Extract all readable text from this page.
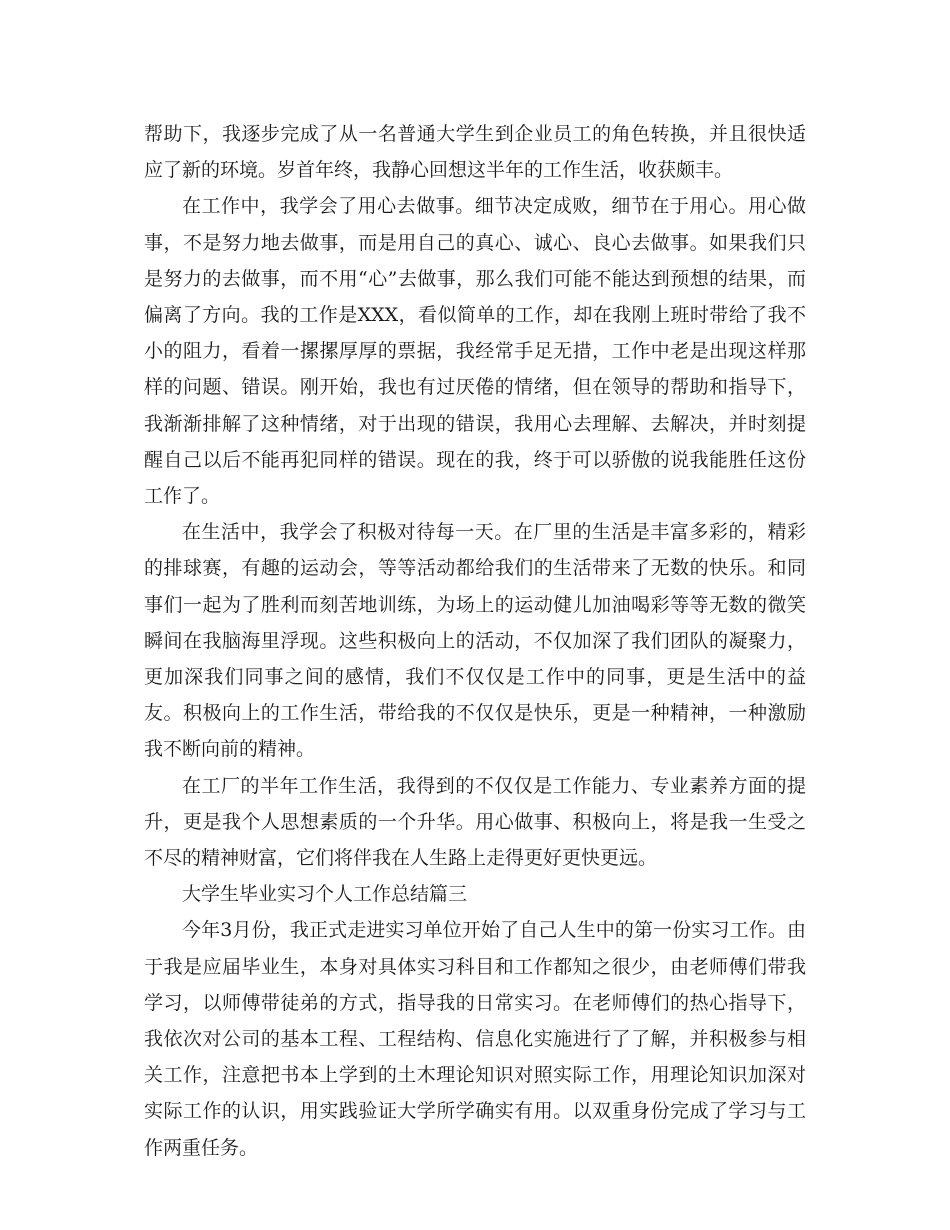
帮助下，我逐步完成了从一名普通大学生到企业员工的角色转换，并且很快适应了新的环境。岁首年终，我静心回想这半年的工作生活，收获颇丰。

在工作中，我学会了用心去做事。细节决定成败，细节在于用心。用心做事，不是努力地去做事，而是用自己的真心、诚心、良心去做事。如果我们只是努力的去做事，而不用“心”去做事，那么我们可能不能达到预想的结果，而偏离了方向。我的工作是XXX，看似简单的工作，却在我刚上班时带给了我不小的阻力，看着一摞摞厚厚的票据，我经常手足无措，工作中老是出现这样那样的问题、错误。刚开始，我也有过厌倦的情绪，但在领导的帮助和指导下，我渐渐排解了这种情绪，对于出现的错误，我用心去理解、去解决，并时刻提醒自己以后不能再犯同样的错误。现在的我，终于可以骄傲的说我能胜任这份工作了。

在生活中，我学会了积极对待每一天。在厂里的生活是丰富多彩的，精彩的排球赛，有趣的运动会，等等活动都给我们的生活带来了无数的快乐。和同事们一起为了胜利而刻苦地训练，为场上的运动健儿加油喝彩等等无数的微笑瞬间在我脑海里浮现。这些积极向上的活动，不仅加深了我们团队的凝聚力，更加深我们同事之间的感情，我们不仅仅是工作中的同事，更是生活中的益友。积极向上的工作生活，带给我的不仅仅是快乐，更是一种精神，一种激励我不断向前的精神。

在工厂的半年工作生活，我得到的不仅仅是工作能力、专业素养方面的提升，更是我个人思想素质的一个升华。用心做事、积极向上，将是我一生受之不尽的精神财富，它们将伴我在人生路上走得更好更快更远。

大学生毕业实习个人工作总结篇三

今年3月份，我正式走进实习单位开始了自己人生中的第一份实习工作。由于我是应届毕业生，本身对具体实习科目和工作都知之很少，由老师傅们带我学习，以师傅带徒弟的方式，指导我的日常实习。在老师傅们的热心指导下，我依次对公司的基本工程、工程结构、信息化实施进行了了解，并积极参与相关工作，注意把书本上学到的土木理论知识对照实际工作，用理论知识加深对实际工作的认识，用实践验证大学所学确实有用。以双重身份完成了学习与工作两重任务。
